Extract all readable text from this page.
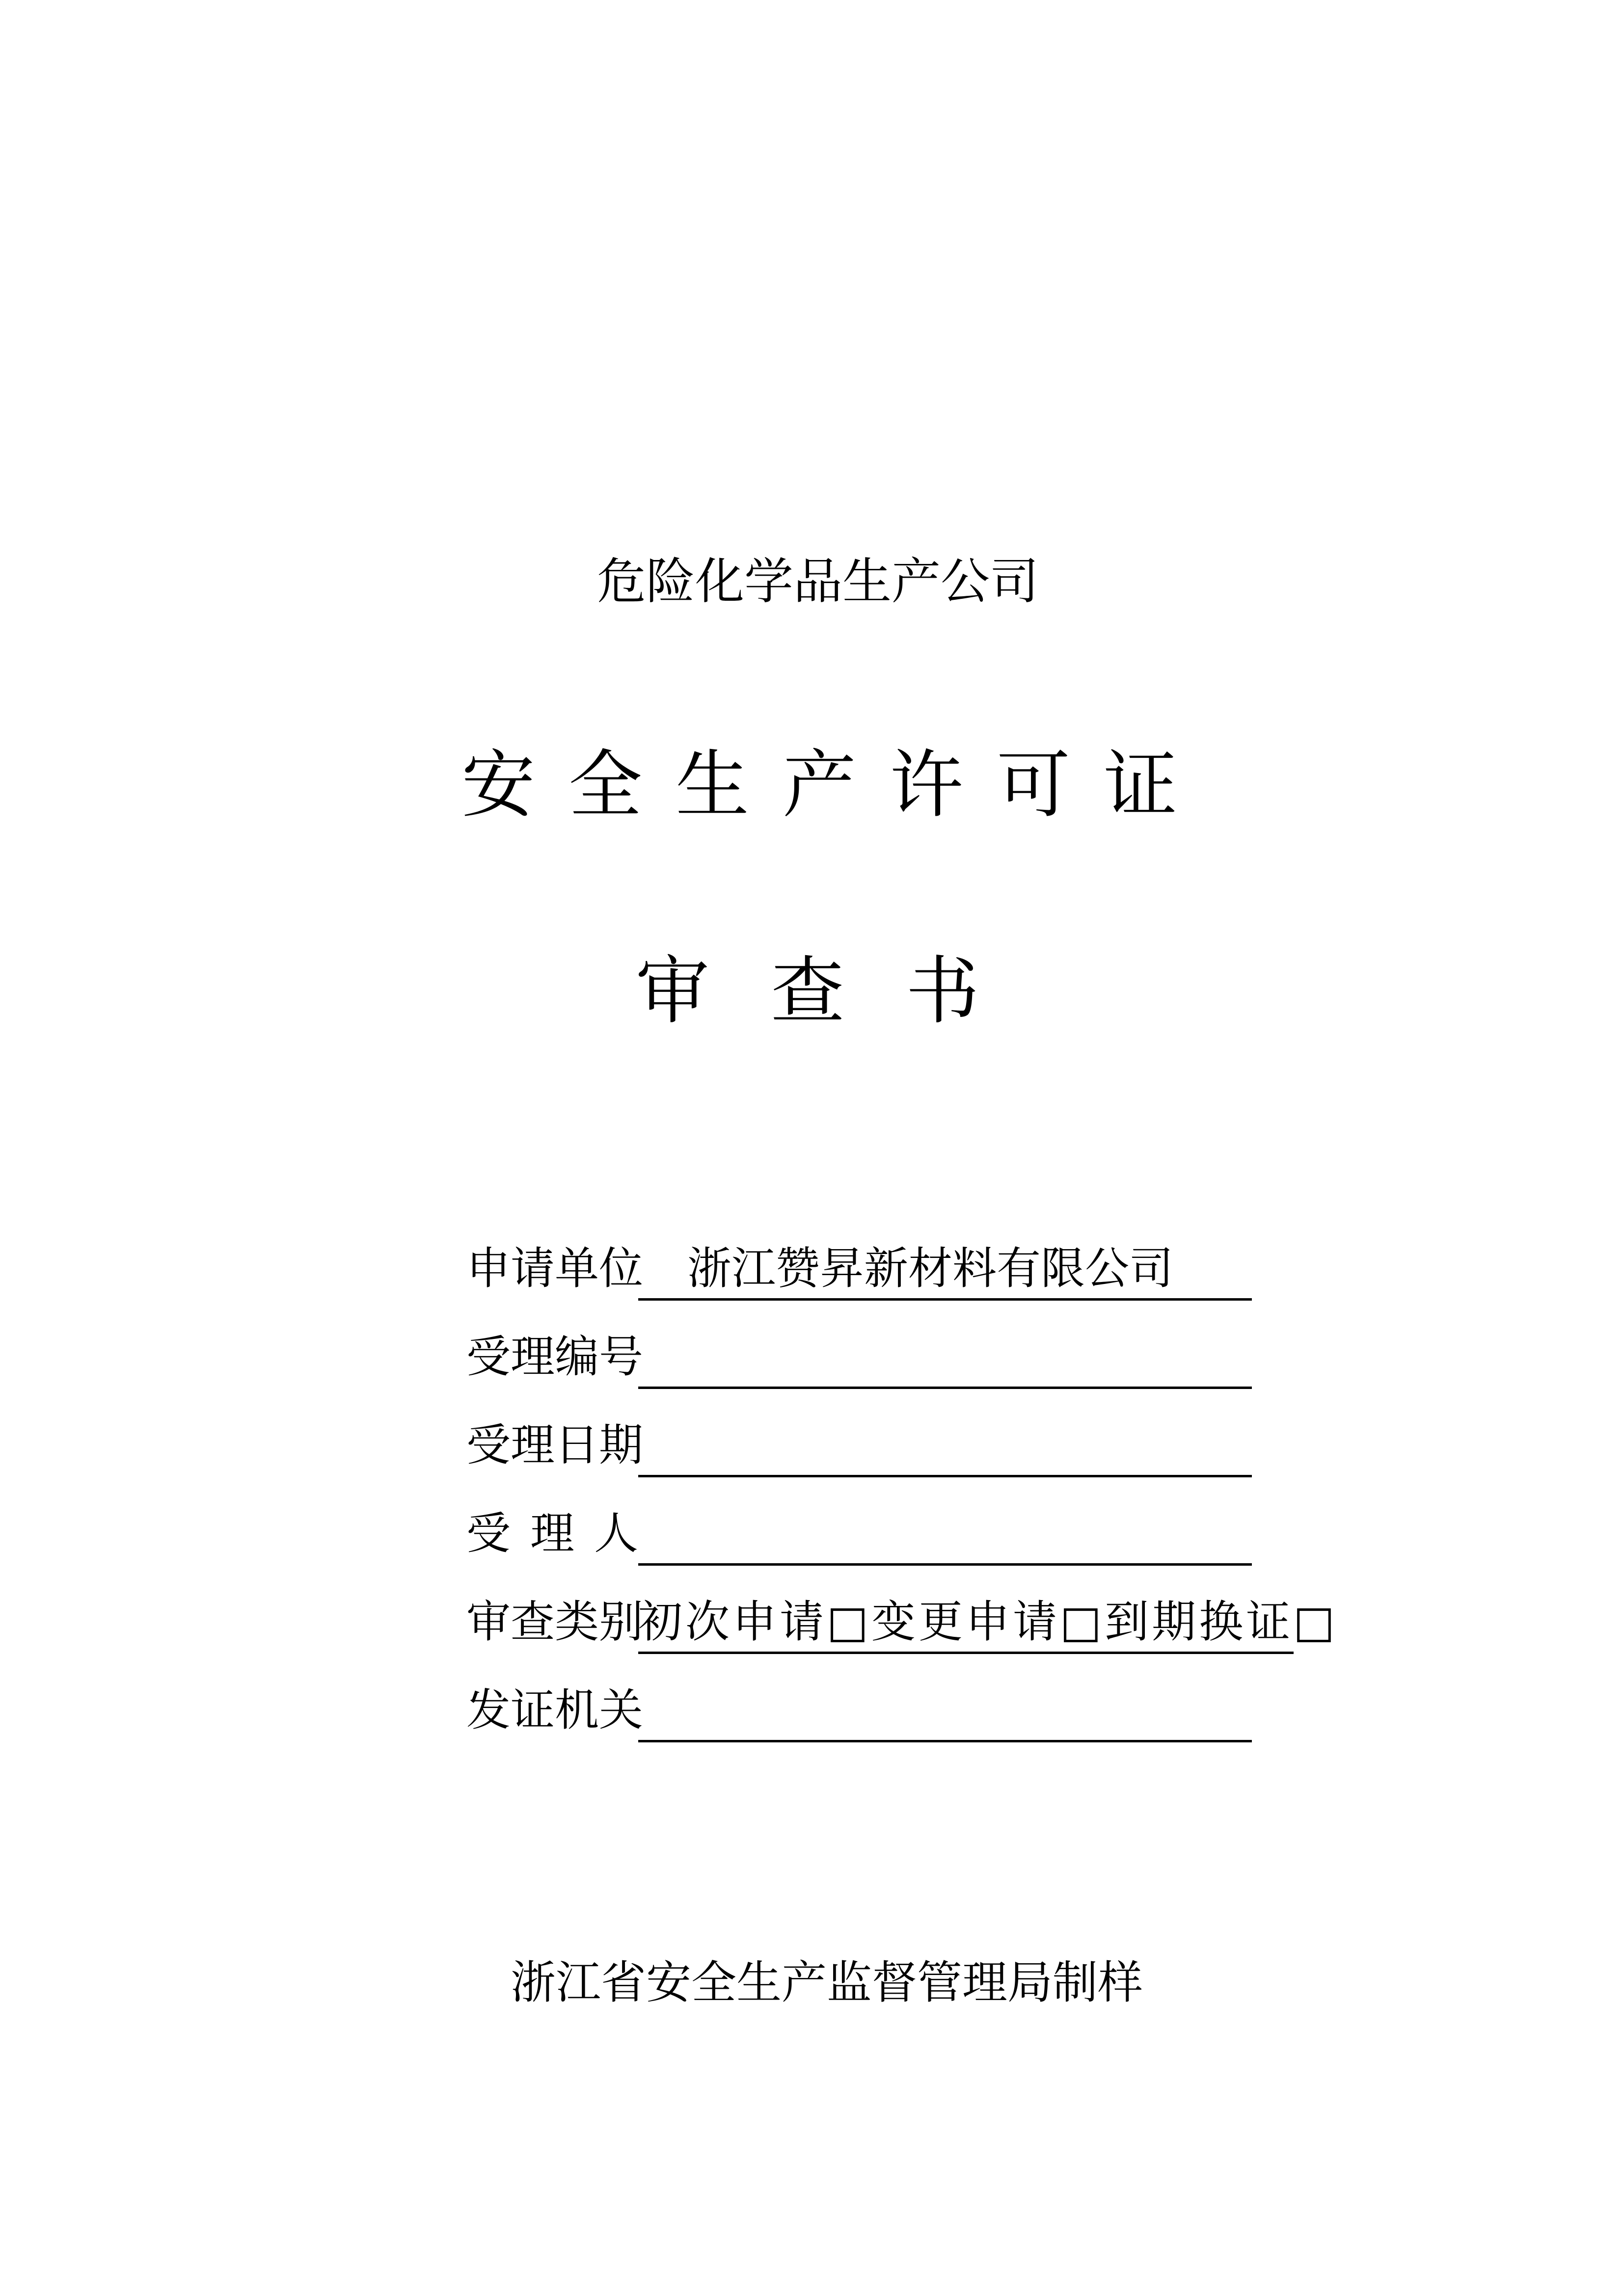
危险化学品生产公司
安全生产许可证
审查书
申 请 单 位 浙江赞昇新材料有限公司
受 理 编 号
受 理 日 期
受 理 人
审 查 类 别
初次申请□变更申请□到期换证□
发 证 机 关
浙江省安全生产监督管理局制样
